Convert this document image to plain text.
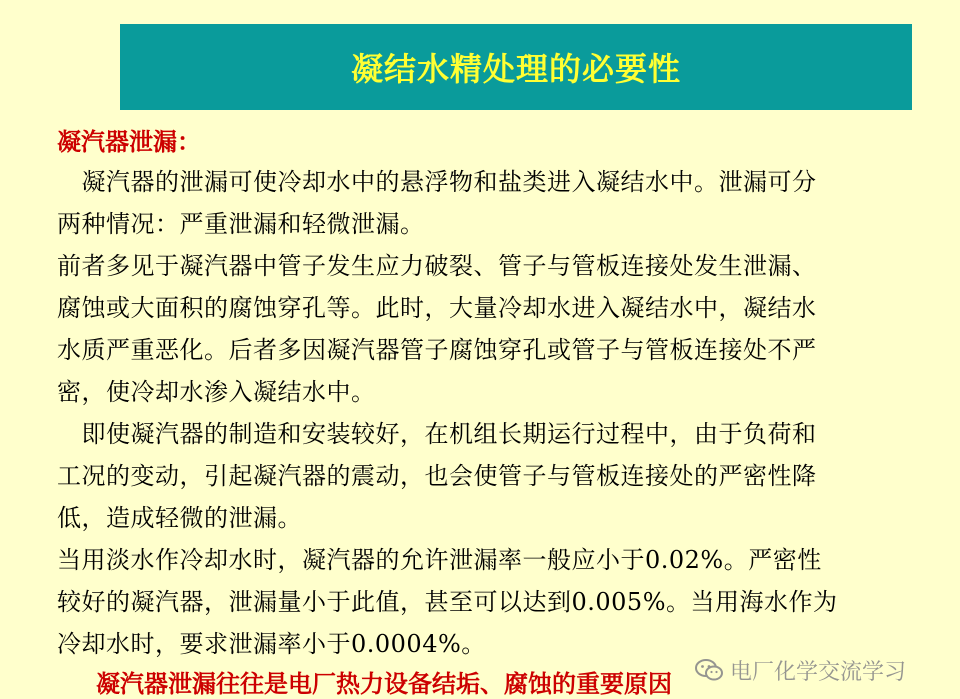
凝结水精处理的必要性
凝汽器泄漏：
　凝汽器的泄漏可使冷却水中的悬浮物和盐类进入凝结水中。泄漏可分
两种情况：严重泄漏和轻微泄漏。
前者多见于凝汽器中管子发生应力破裂、管子与管板连接处发生泄漏、
腐蚀或大面积的腐蚀穿孔等。此时，大量冷却水进入凝结水中，凝结水
水质严重恶化。后者多因凝汽器管子腐蚀穿孔或管子与管板连接处不严
密，使冷却水渗入凝结水中。
　即使凝汽器的制造和安装较好，在机组长期运行过程中，由于负荷和
工况的变动，引起凝汽器的震动，也会使管子与管板连接处的严密性降
低，造成轻微的泄漏。
当用淡水作冷却水时，凝汽器的允许泄漏率一般应小于0.02%。严密性
较好的凝汽器，泄漏量小于此值，甚至可以达到0.005%。当用海水作为
冷却水时，要求泄漏率小于0.0004%。
凝汽器泄漏往往是电厂热力设备结垢、腐蚀的重要原因	电厂化学交流学习
